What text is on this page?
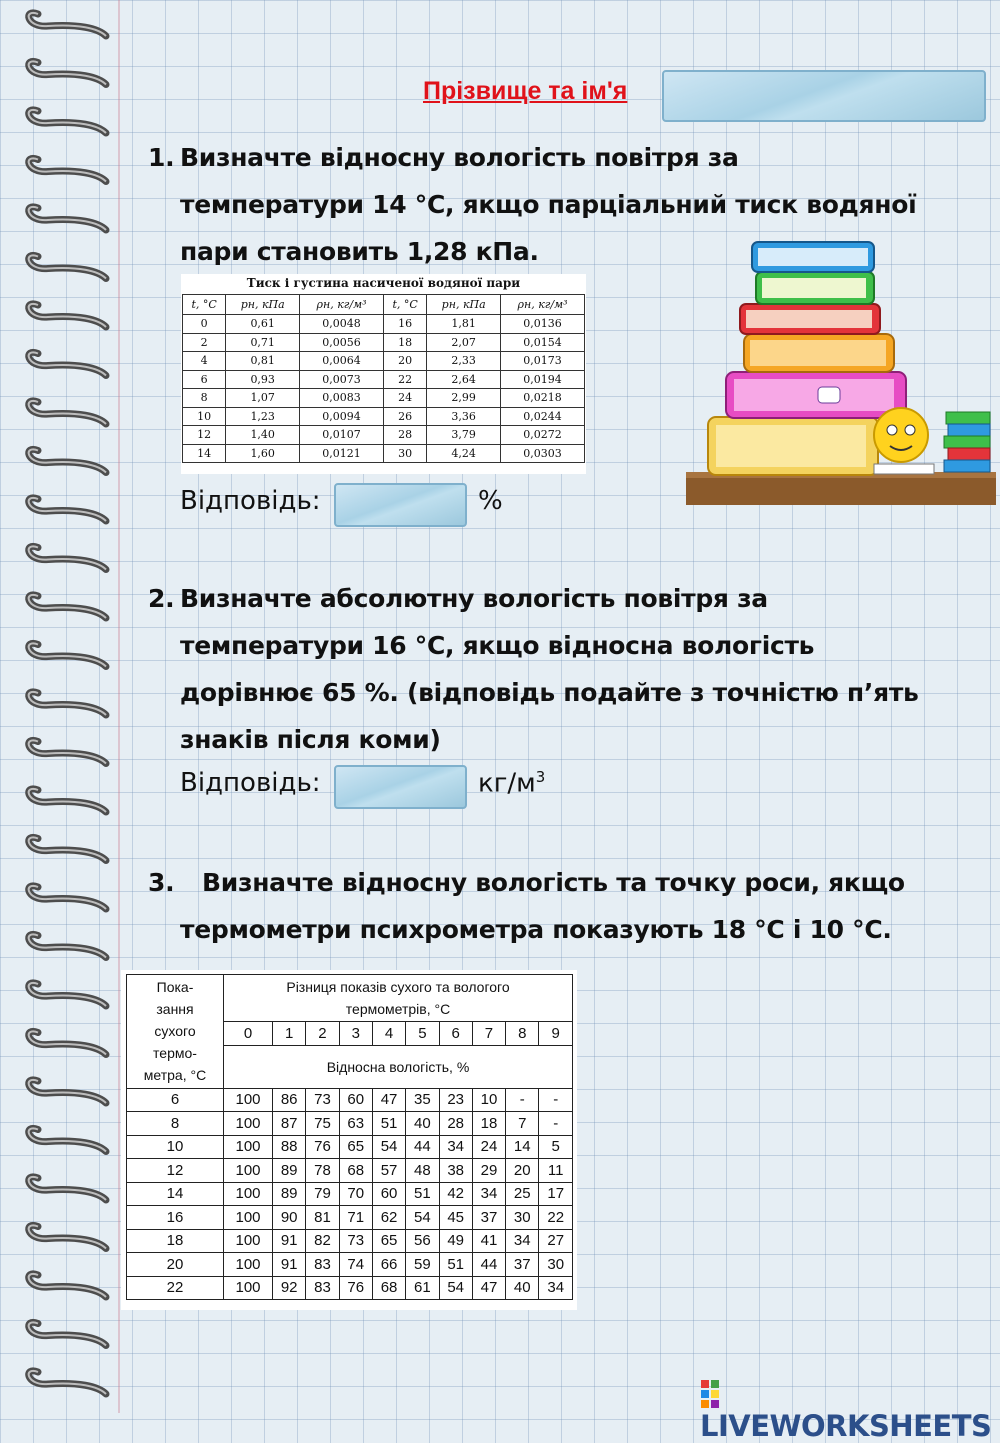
Прізвище та ім'я
1. Визначте відносну вологість повітря за
температури 14 °С, якщо парціальний тиск водяної
пари становить 1,28 кПа.
Тиск і густина насиченої водяної пари
t, °C	pн, кПа	ρн, кг/м³	t, °C	pн, кПа	ρн, кг/м³
0	0,61	0,0048	16	1,81	0,0136
2	0,71	0,0056	18	2,07	0,0154
4	0,81	0,0064	20	2,33	0,0173
6	0,93	0,0073	22	2,64	0,0194
8	1,07	0,0083	24	2,99	0,0218
10	1,23	0,0094	26	3,36	0,0244
12	1,40	0,0107	28	3,79	0,0272
14	1,60	0,0121	30	4,24	0,0303
Відповідь:	%
2. Визначте абсолютну вологість повітря за
температури 16 °С, якщо відносна вологість
дорівнює 65 %. (відповідь подайте з точністю п’ять
знаків після коми)
Відповідь:	$кг/м^3$
3. Визначте відносну вологість та точку роси, якщо
термометри психрометра показують 18 °С і 10 °С.
Пока-
зання
сухого
термо-
метра, °С	Різниця показів сухого та вологого
термометрів, °С									
	0	1	2	3	4	5	6	7	8	9
	Відносна вологість, %									
6	100	86	73	60	47	35	23	10	-	-
8	100	87	75	63	51	40	28	18	7	-
10	100	88	76	65	54	44	34	24	14	5
12	100	89	78	68	57	48	38	29	20	11
14	100	89	79	70	60	51	42	34	25	17
16	100	90	81	71	62	54	45	37	30	22
18	100	91	82	73	65	56	49	41	34	27
20	100	91	83	74	66	59	51	44	37	30
22	100	92	83	76	68	61	54	47	40	34
LIVEWORKSHEETS
